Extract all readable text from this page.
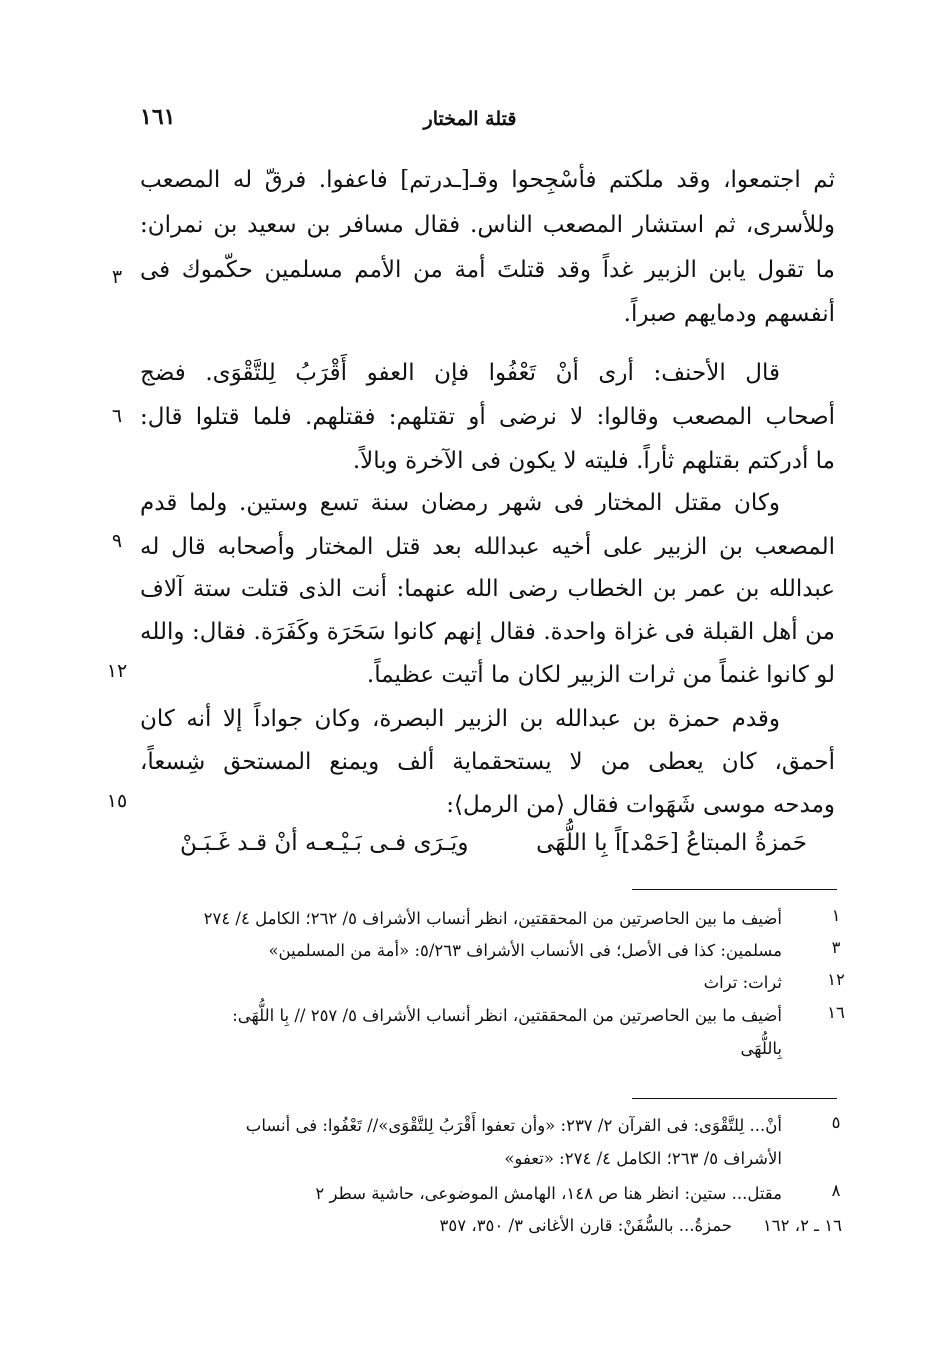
قتلة المختار
١٦١
ثم اجتمعوا، وقد ملكتم فأسْجِحوا وقـ[ـدرتم] فاعفوا. فرقّ له المصعب
وللأسرى، ثم استشار المصعب الناس. فقال مسافر بن سعيد بن نمران:
ما تقول يابن الزبير غداً وقد قتلتَ أمة من الأمم مسلمين حكّموك فى
أنفسهم ودمايهم صبراً.
قال الأحنف: أرى أنْ تَعْفُوا فإن العفو أَقْرَبُ لِلتَّقْوَى. فضج
أصحاب المصعب وقالوا: لا نرضى أو تقتلهم: فقتلهم. فلما قتلوا قال:
ما أدركتم بقتلهم ثأراً. فليته لا يكون فى الآخرة وبالاً.
وكان مقتل المختار فى شهر رمضان سنة تسع وستين. ولما قدم
المصعب بن الزبير على أخيه عبدالله بعد قتل المختار وأصحابه قال له
عبدالله بن عمر بن الخطاب رضى الله عنهما: أنت الذى قتلت ستة آلاف
من أهل القبلة فى غزاة واحدة. فقال إنهم كانوا سَحَرَة وكَفَرَة. فقال: والله
لو كانوا غنماً من ثرات الزبير لكان ما أتيت عظيماً.
وقدم حمزة بن عبدالله بن الزبير البصرة، وكان جواداً إلا أنه كان
أحمق، كان يعطى من لا يستحقماية ألف ويمنع المستحق شِسعاً،
ومدحه موسى شَهَوات فقال ⟨من الرمل⟩:
٣
٦
٩
١٢
١٥
حَمزةُ المبتاعُ [حَمْد]اً بِا اللُّهَى
ويَـرَى فـى بَـيْـعـه أنْ قـد غَـبَـنْ
١
أضيف ما بين الحاصرتين من المحققتين، انظر أنساب الأشراف ٥/ ٢٦٢؛ الكامل ٤/ ٢٧٤
٣
مسلمين: كذا فى الأصل؛ فى الأنساب الأشراف ٥/٢٦٣: «أمة من المسلمين»
١٢
ثرات: تراث
١٦
أضيف ما بين الحاصرتين من المحققتين، انظر أنساب الأشراف ٥/ ٢٥٧ // بِا اللُّهَى:
بِاللُّهَى
٥
أنْ... لِلتَّقْوَى: فى القرآن ٢/ ٢٣٧: «وأن تعفوا أَقْرَبُ لِلتَّقْوَى»// تَعْفُوا: فى أنساب
الأشراف ٥/ ٢٦٣؛ الكامل ٤/ ٢٧٤: «تعفو»
٨
مقتل... ستين: انظر هنا ص ١٤٨، الهامش الموضوعى، حاشية سطر ٢
١٦ ـ ٢، ١٦٢
حمزةُ... بالسُّفَنْ: قارن الأغانى ٣/ ٣٥٠، ٣٥٧
